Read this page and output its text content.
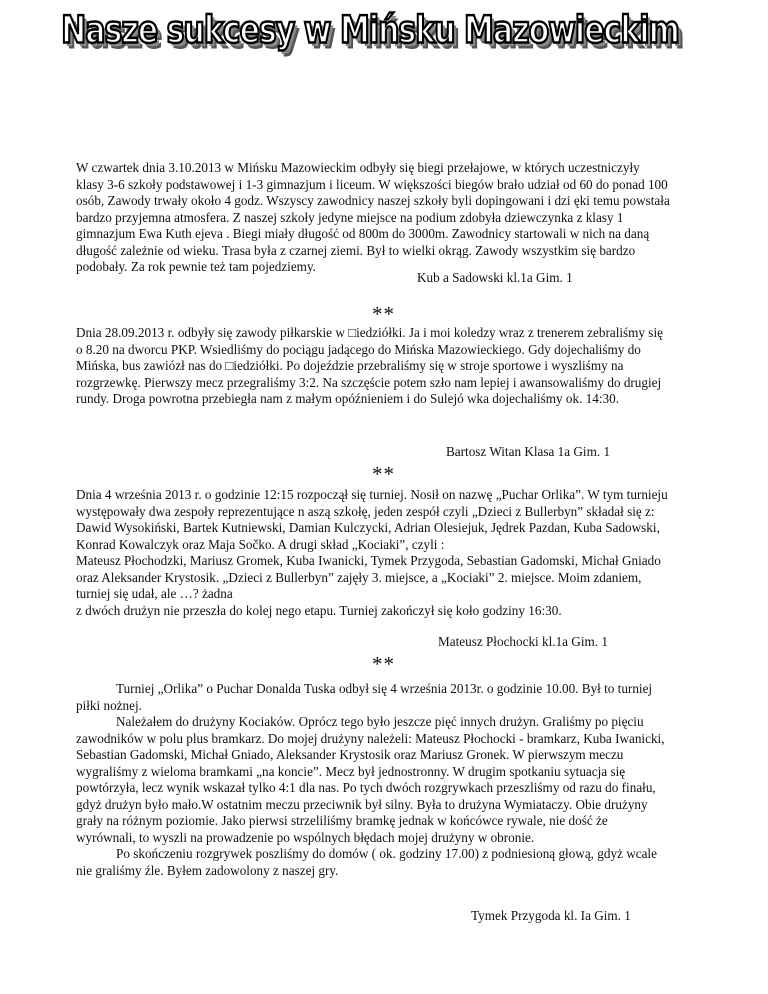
Nasze sukcesy w Mińsku Mazowieckim

W czwartek dnia 3.10.2013 w Mińsku Mazowieckim odbyły się biegi przełajowe, w których uczestniczyły klasy 3-6 szkoły podstawowej i 1-3 gimnazjum i liceum. W większości biegów brało udział od 60 do ponad 100 osób, Zawody trwały około 4 godz. Wszyscy zawodnicy naszej szkoły byli dopingowani i dzi ęki temu powstała bardzo przyjemna atmosfera. Z naszej szkoły jedyne miejsce na podium zdobyła dziewczynka z klasy 1 gimnazjum Ewa Kuth ejeva . Biegi miały długość od 800m do 3000m. Zawodnicy startowali w nich na daną długość zależnie od wieku. Trasa była z czarnej ziemi. Był to wielki okrąg. Zawody wszystkim się bardzo podobały. Za rok pewnie też tam pojedziemy.

Kub a Sadowski kl.1a Gim. 1
**

Dnia 28.09.2013 r. odbyły się zawody piłkarskie w □iedziółki. Ja i moi koledzy wraz z trenerem zebraliśmy się o 8.20 na dworcu PKP. Wsiedliśmy do pociągu jadącego do Mińska Mazowieckiego. Gdy dojechaliśmy do Mińska, bus zawiózł nas do □iedziółki. Po dojeździe przebraliśmy się w stroje sportowe i wyszliśmy na rozgrzewkę. Pierwszy mecz przegraliśmy 3:2. Na szczęście potem szło nam lepiej i awansowaliśmy do drugiej rundy. Droga powrotna przebiegła nam z małym opóźnieniem i do Sulejó wka dojechaliśmy ok. 14:30.

Bartosz Witan Klasa 1a Gim. 1
**
Dnia 4 września 2013 r. o godzinie 12:15 rozpoczął się turniej. Nosił on nazwę „Puchar Orlika”. W tym turnieju występowały dwa zespoły reprezentujące n aszą szkołę, jeden zespół czyli „Dzieci z Bullerbyn” składał się z: Dawid Wysokiński, Bartek Kutniewski, Damian Kulczycki, Adrian Olesiejuk, Jędrek Pazdan, Kuba Sadowski, Konrad Kowalczyk oraz Maja Sočko. A drugi skład „Kociaki”, czyli :
Mateusz Płochodzki, Mariusz Gromek, Kuba Iwanicki, Tymek Przygoda, Sebastian Gadomski, Michał Gniado oraz Aleksander Krystosik. „Dzieci z Bullerbyn” zajęły 3. miejsce, a „Kociaki” 2. miejsce. Moim zdaniem, turniej się udał, ale …? żadna
z dwóch drużyn nie przeszła do kolej nego etapu. Turniej zakończył się koło godziny 16:30.
Mateusz Płochocki kl.1a Gim. 1
**
Turniej „Orlika” o Puchar Donalda Tuska odbył się 4 września 2013r. o godzinie 10.00. Był to turniej piłki nożnej.
Należałem do drużyny Kociaków. Oprócz tego było jeszcze pięć innych drużyn. Graliśmy po pięciu zawodników w polu plus bramkarz. Do mojej drużyny należeli: Mateusz Płochocki - bramkarz, Kuba Iwanicki, Sebastian Gadomski, Michał Gniado, Aleksander Krystosik oraz Mariusz Gronek. W pierwszym meczu wygraliśmy z wieloma bramkami „na koncie”. Mecz był jednostronny. W drugim spotkaniu sytuacja się powtórzyła, lecz wynik wskazał tylko 4:1 dla nas. Po tych dwóch rozgrywkach przeszliśmy od razu do finału, gdyż drużyn było mało.W ostatnim meczu przeciwnik był silny. Była to drużyna Wymiataczy. Obie drużyny grały na różnym poziomie. Jako pierwsi strzeliliśmy bramkę jednak w końcówce rywale, nie dość że wyrównali, to wyszli na prowadzenie po wspólnych błędach mojej drużyny w obronie.
Po skończeniu rozgrywek poszliśmy do domów ( ok. godziny 17.00) z podniesioną głową, gdyż wcale nie graliśmy źle. Byłem zadowolony z naszej gry.
Tymek Przygoda kl. Ia Gim. 1
